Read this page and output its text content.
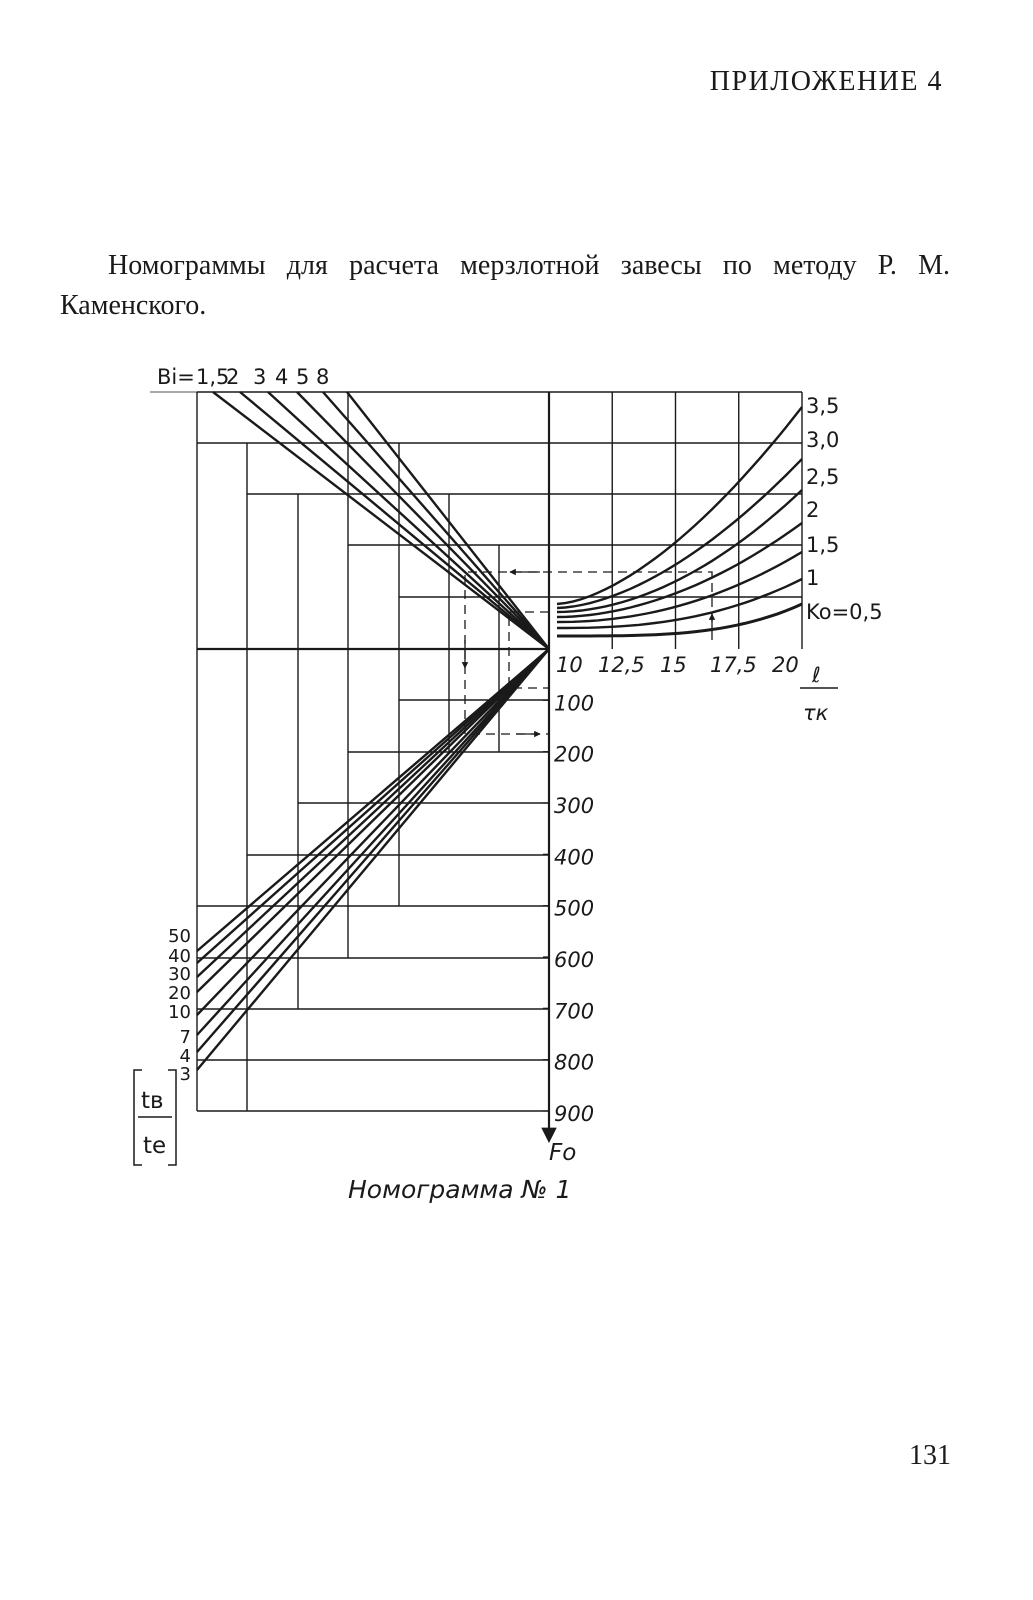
ПРИЛОЖЕНИЕ 4

Номограммы для расчета мерзлотной завесы по методу Р. М. Каменского.

Bi= 1,5
2 3 4 5 8
3,5
3,0
2,5
2
1,5
1
Ko=0,5
10 12,5 15 17,5 20 ℓ
τк
100
200
300
400
500
600
700
800
900
Fo
50
40
30
20
10
7
4
3
tв
te
Номограмма № 1
131
